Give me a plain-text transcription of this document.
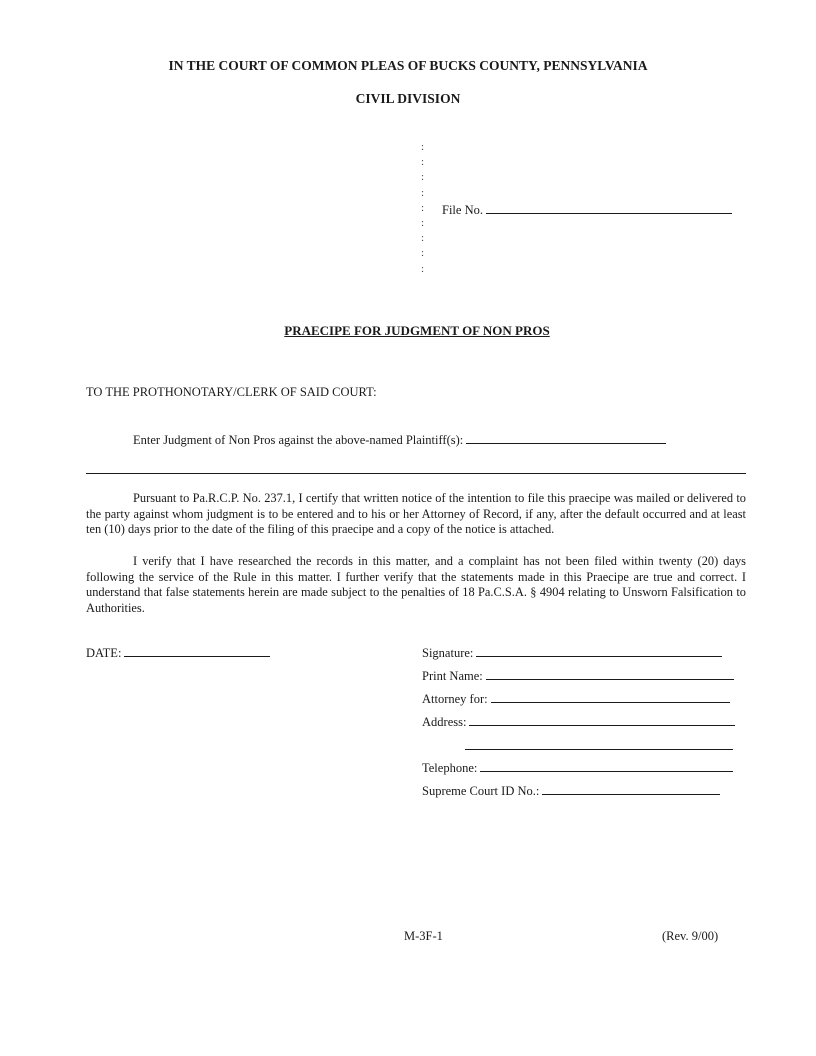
IN THE COURT OF COMMON PLEAS OF BUCKS COUNTY, PENNSYLVANIA
CIVIL DIVISION
:
:
:
:
:
:
:
:
:
File No.
PRAECIPE FOR JUDGMENT OF NON PROS
TO THE PROTHONOTARY/CLERK OF SAID COURT:
Enter Judgment of Non Pros against the above-named Plaintiff(s):
Pursuant to Pa.R.C.P. No. 237.1, I certify that written notice of the intention to file this praecipe was mailed or delivered to the party against whom judgment is to be entered and to his or her Attorney of Record, if any, after the default occurred and at least ten (10) days prior to the date of the filing of this praecipe and a copy of the notice is attached.
I verify that I have researched the records in this matter, and a complaint has not been filed within twenty (20) days following the service of the Rule in this matter. I further verify that the statements made in this Praecipe are true and correct. I understand that false statements herein are made subject to the penalties of 18 Pa.C.S.A. § 4904 relating to Unsworn Falsification to Authorities.
DATE:	Signature:
Print Name:
Attorney for:
Address:
Telephone:
Supreme Court ID No.:
M-3F-1	(Rev. 9/00)
